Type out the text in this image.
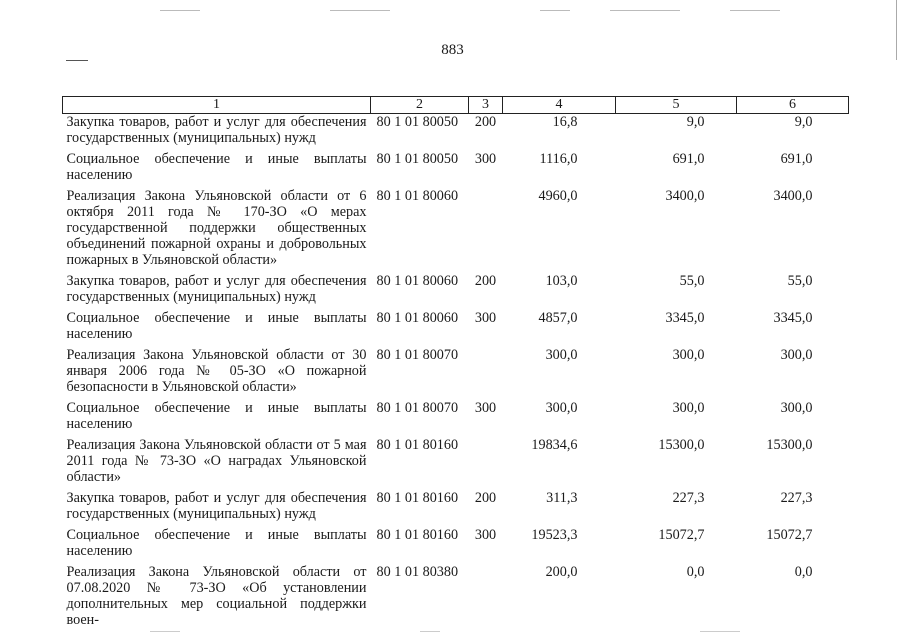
883
1	2	3	4	5	6
Закупка товаров, работ и услуг для обеспечения государственных (муниципальных) нужд	80 1 01 80050	200	16,8	9,0	9,0
Социальное обеспечение и иные выплаты населению	80 1 01 80050	300	1116,0	691,0	691,0
Реализация Закона Ульяновской области от 6 октября 2011 года № 170-ЗО «О мерах государственной поддержки общественных объединений пожарной охраны и добровольных пожарных в Ульяновской области»	80 1 01 80060		4960,0	3400,0	3400,0
Закупка товаров, работ и услуг для обеспечения государственных (муниципальных) нужд	80 1 01 80060	200	103,0	55,0	55,0
Социальное обеспечение и иные выплаты населению	80 1 01 80060	300	4857,0	3345,0	3345,0
Реализация Закона Ульяновской области от 30 января 2006 года № 05-ЗО «О пожарной безопасности в Ульяновской области»	80 1 01 80070		300,0	300,0	300,0
Социальное обеспечение и иные выплаты населению	80 1 01 80070	300	300,0	300,0	300,0
Реализация Закона Ульяновской области от 5 мая 2011 года № 73-ЗО «О наградах Ульяновской области»	80 1 01 80160		19834,6	15300,0	15300,0
Закупка товаров, работ и услуг для обеспечения государственных (муниципальных) нужд	80 1 01 80160	200	311,3	227,3	227,3
Социальное обеспечение и иные выплаты населению	80 1 01 80160	300	19523,3	15072,7	15072,7
Реализация Закона Ульяновской области от 07.08.2020 № 73-ЗО «Об установлении дополнительных мер социальной поддержки воен-	80 1 01 80380		200,0	0,0	0,0
